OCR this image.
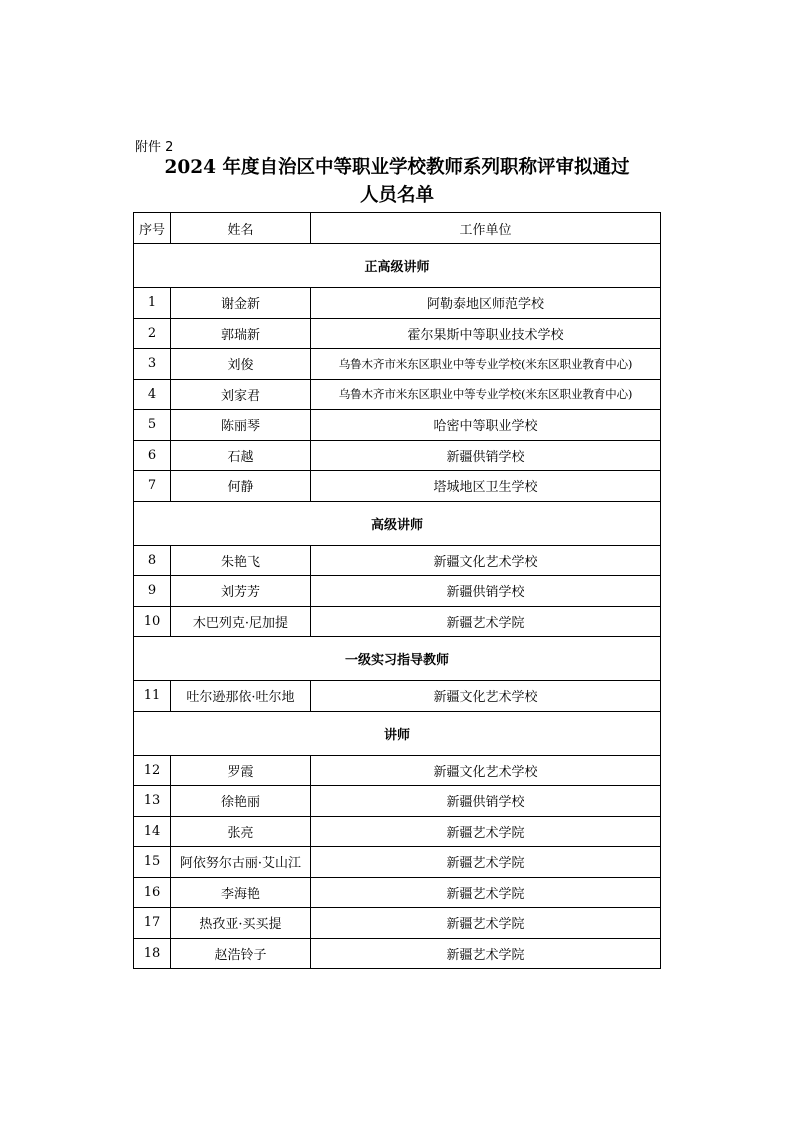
附件 2
2024 年度自治区中等职业学校教师系列职称评审拟通过
人员名单
序号	姓名	工作单位
正高级讲师		
1	谢金新	阿勒泰地区师范学校
2	郭瑞新	霍尔果斯中等职业技术学校
3	刘俊	乌鲁木齐市米东区职业中等专业学校(米东区职业教育中心)
4	刘家君	乌鲁木齐市米东区职业中等专业学校(米东区职业教育中心)
5	陈丽琴	哈密中等职业学校
6	石越	新疆供销学校
7	何静	塔城地区卫生学校
高级讲师		
8	朱艳飞	新疆文化艺术学校
9	刘芳芳	新疆供销学校
10	木巴列克·尼加提	新疆艺术学院
一级实习指导教师		
11	吐尔逊那依·吐尔地	新疆文化艺术学校
讲师		
12	罗霞	新疆文化艺术学校
13	徐艳丽	新疆供销学校
14	张亮	新疆艺术学院
15	阿依努尔古丽·艾山江	新疆艺术学院
16	李海艳	新疆艺术学院
17	热孜亚·买买提	新疆艺术学院
18	赵浩铃子	新疆艺术学院
